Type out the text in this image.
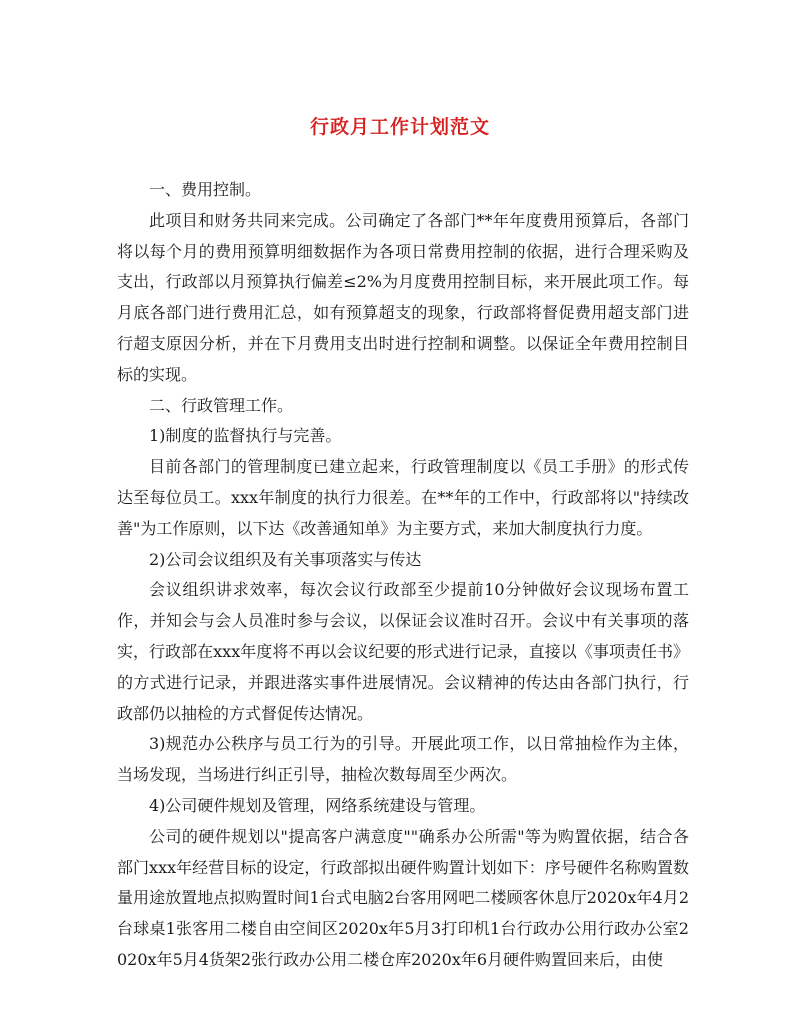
行政月工作计划范文

一、费用控制。

此项目和财务共同来完成。公司确定了各部门**年年度费用预算后，各部门将以每个月的费用预算明细数据作为各项日常费用控制的依据，进行合理采购及支出，行政部以月预算执行偏差≤2%为月度费用控制目标，来开展此项工作。每月底各部门进行费用汇总，如有预算超支的现象，行政部将督促费用超支部门进行超支原因分析，并在下月费用支出时进行控制和调整。以保证全年费用控制目标的实现。

二、行政管理工作。

1)制度的监督执行与完善。

目前各部门的管理制度已建立起来，行政管理制度以《员工手册》的形式传达至每位员工。xxx年制度的执行力很差。在**年的工作中，行政部将以"持续改善"为工作原则，以下达《改善通知单》为主要方式，来加大制度执行力度。

2)公司会议组织及有关事项落实与传达

会议组织讲求效率，每次会议行政部至少提前10分钟做好会议现场布置工作，并知会与会人员准时参与会议，以保证会议准时召开。会议中有关事项的落实，行政部在xxx年度将不再以会议纪要的形式进行记录，直接以《事项责任书》的方式进行记录，并跟进落实事件进展情况。会议精神的传达由各部门执行，行政部仍以抽检的方式督促传达情况。

3)规范办公秩序与员工行为的引导。开展此项工作，以日常抽检作为主体，当场发现，当场进行纠正引导，抽检次数每周至少两次。

4)公司硬件规划及管理，网络系统建设与管理。

公司的硬件规划以"提高客户满意度""确系办公所需"等为购置依据，结合各部门xxx年经营目标的设定，行政部拟出硬件购置计划如下：序号硬件名称购置数量用途放置地点拟购置时间1台式电脑2台客用网吧二楼顾客休息厅2020x年4月2台球桌1张客用二楼自由空间区2020x年5月3打印机1台行政办公用行政办公室2020x年5月4货架2张行政办公用二楼仓库2020x年6月硬件购置回来后，由使
